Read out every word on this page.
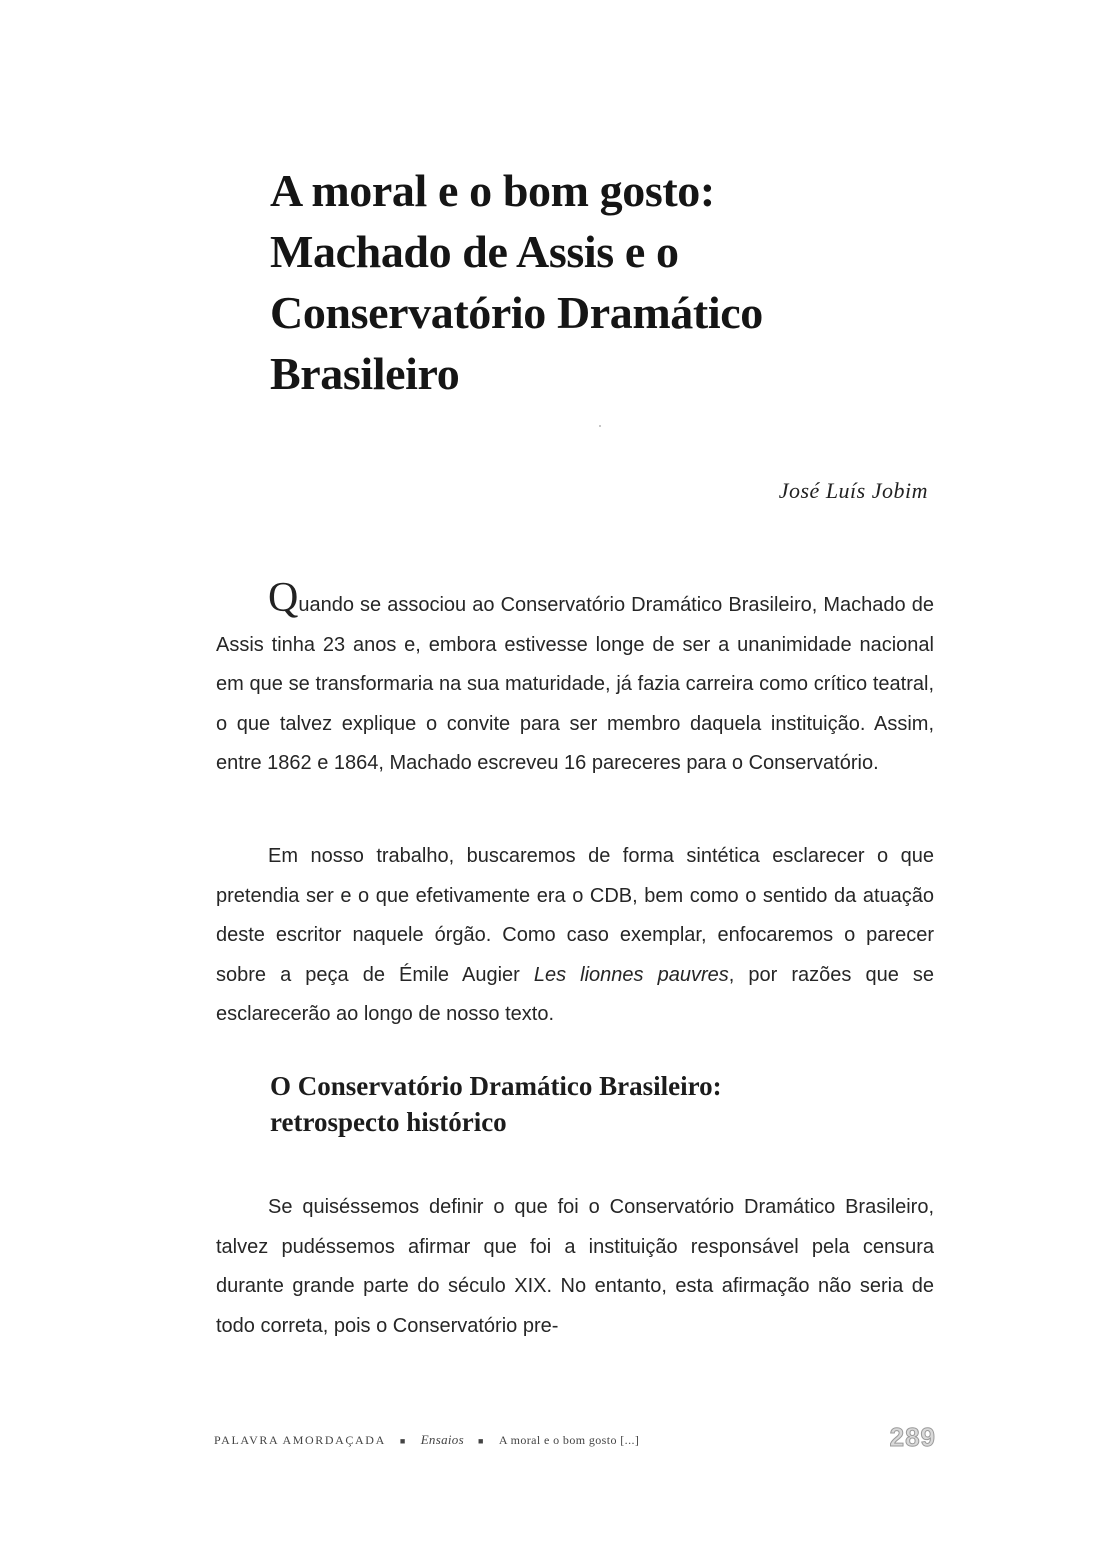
A moral e o bom gosto:
Machado de Assis e o
Conservatório Dramático
Brasileiro
José Luís Jobim

Quando se associou ao Conservatório Dramático Brasileiro, Machado de Assis tinha 23 anos e, embora estivesse longe de ser a unanimidade nacional em que se transformaria na sua maturidade, já fazia carreira como crítico teatral, o que talvez explique o convite para ser membro daquela instituição. Assim, entre 1862 e 1864, Machado escreveu 16 pareceres para o Conservatório.

Em nosso trabalho, buscaremos de forma sintética esclarecer o que pretendia ser e o que efetivamente era o CDB, bem como o sentido da atuação deste escritor naquele órgão. Como caso exemplar, enfocaremos o parecer sobre a peça de Émile Augier Les lionnes pauvres, por razões que se esclarecerão ao longo de nosso texto.

O Conservatório Dramático Brasileiro:
retrospecto histórico

Se quiséssemos definir o que foi o Conservatório Dramático Brasileiro, talvez pudéssemos afirmar que foi a instituição responsável pela censura durante grande parte do século XIX. No entanto, esta afirmação não seria de todo correta, pois o Conservatório pre-

PALAVRA AMORDAÇADA ■ Ensaios ■ A moral e o bom gosto [...]	289
